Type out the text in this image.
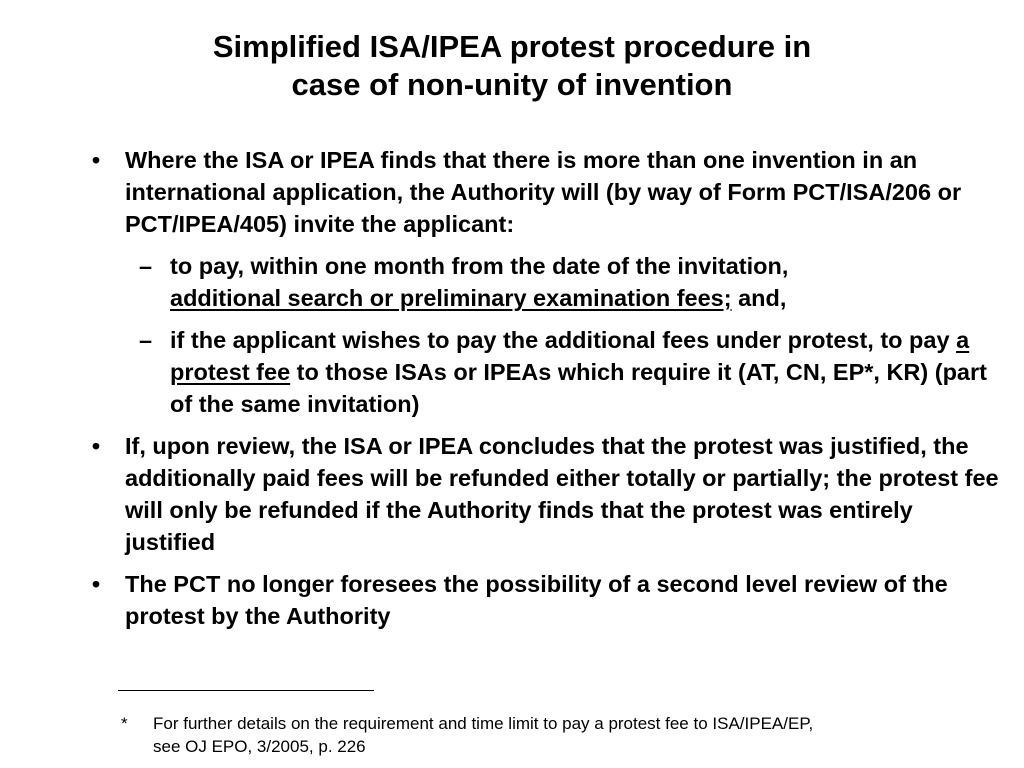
Simplified ISA/IPEA protest procedure in
case of non-unity of invention
• Where the ISA or IPEA finds that there is more than one invention in an international application, the Authority will (by way of Form PCT/ISA/206 or PCT/IPEA/405) invite the applicant:
– to pay, within one month from the date of the invitation,
additional search or preliminary examination fees; and,
– if the applicant wishes to pay the additional fees under protest, to pay a protest fee to those ISAs or IPEAs which require it (AT, CN, EP*, KR) (part of the same invitation)
• If, upon review, the ISA or IPEA concludes that the protest was justified, the additionally paid fees will be refunded either totally or partially; the protest fee will only be refunded if the Authority finds that the protest was entirely justified
• The PCT no longer foresees the possibility of a second level review of the protest by the Authority
* For further details on the requirement and time limit to pay a protest fee to ISA/IPEA/EP,
see OJ EPO, 3/2005, p. 226
